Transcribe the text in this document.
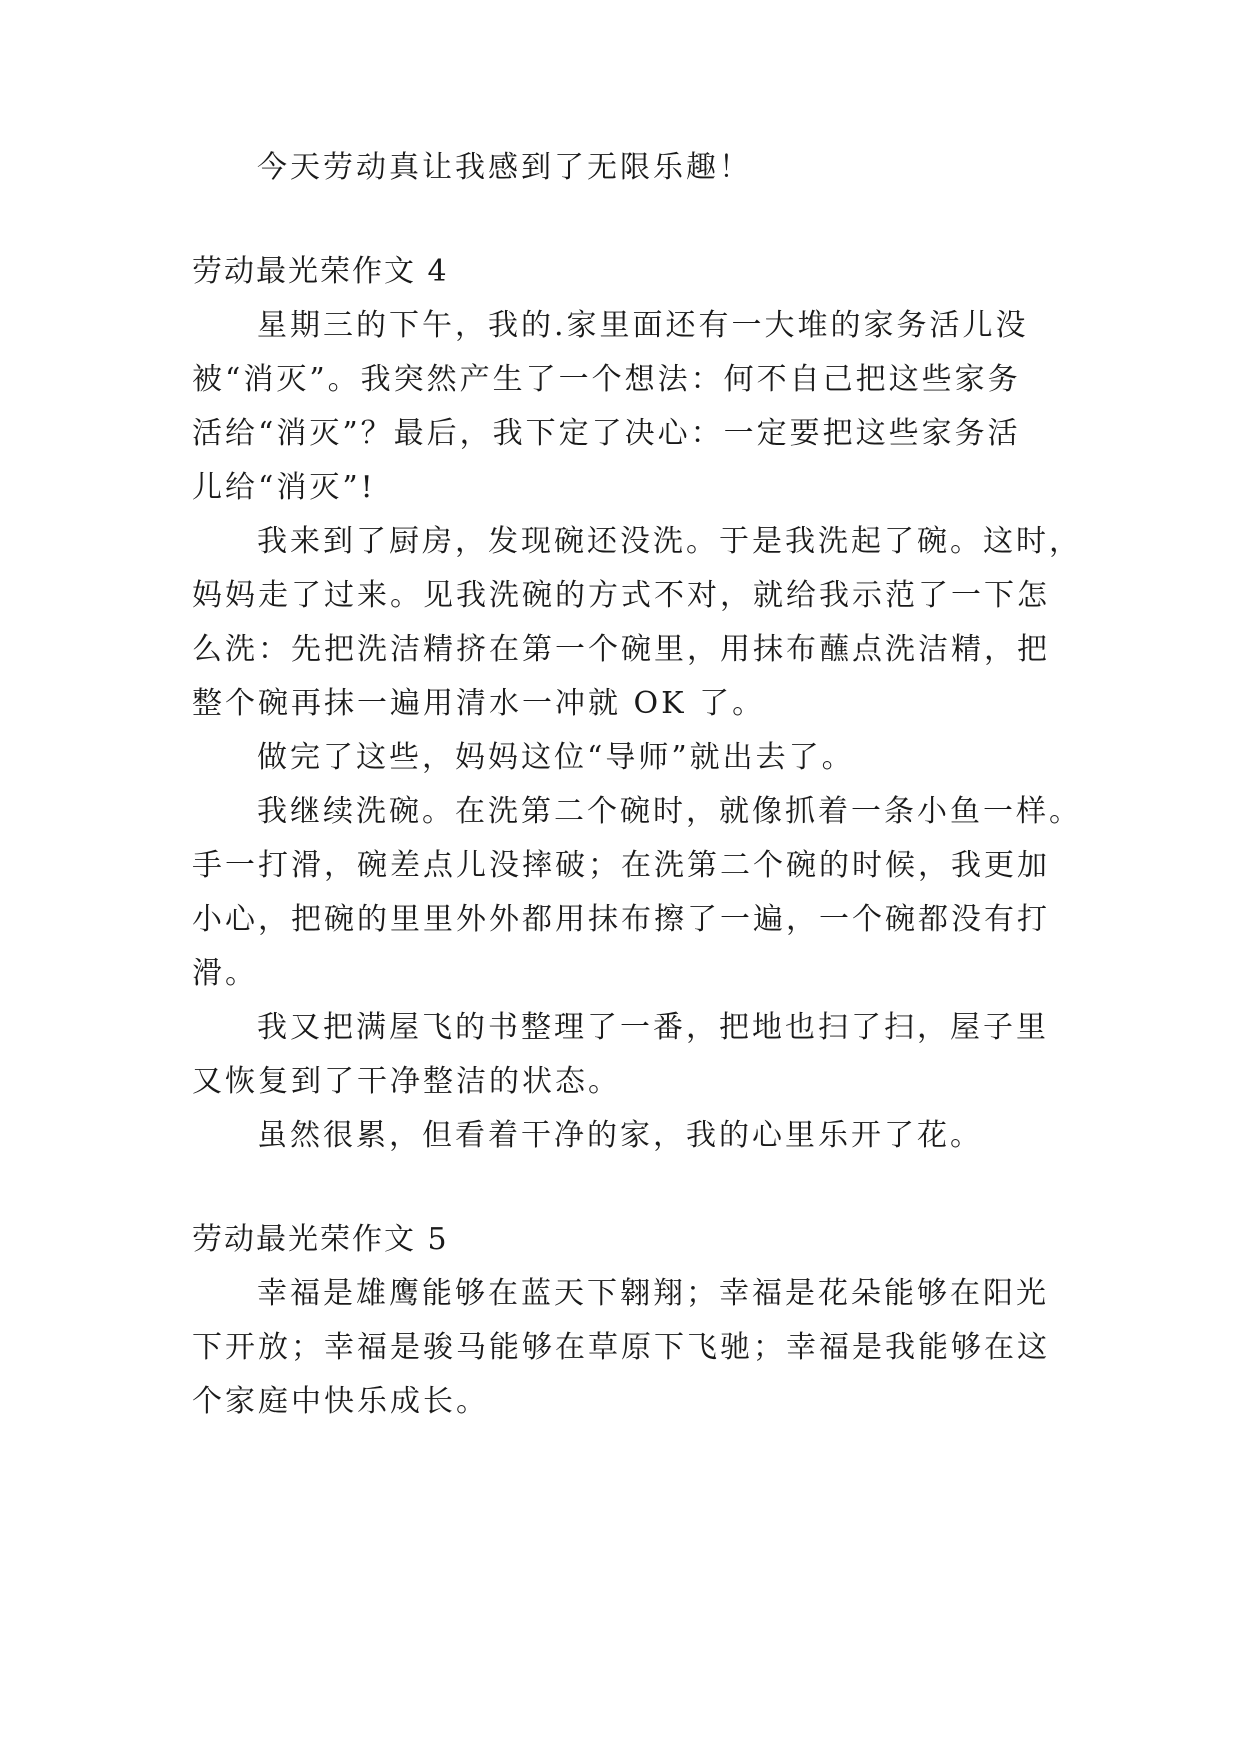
今天劳动真让我感到了无限乐趣！
劳动最光荣作文 4
星期三的下午，我的.家里面还有一大堆的家务活儿没
被“消灭”。我突然产生了一个想法：何不自己把这些家务
活给“消灭”？最后，我下定了决心：一定要把这些家务活
儿给“消灭”!
我来到了厨房，发现碗还没洗。于是我洗起了碗。这时，
妈妈走了过来。见我洗碗的方式不对，就给我示范了一下怎
么洗：先把洗洁精挤在第一个碗里，用抹布蘸点洗洁精，把
整个碗再抹一遍用清水一冲就 OK 了。
做完了这些，妈妈这位“导师”就出去了。
我继续洗碗。在洗第二个碗时，就像抓着一条小鱼一样。
手一打滑，碗差点儿没摔破；在洗第二个碗的时候，我更加
小心，把碗的里里外外都用抹布擦了一遍，一个碗都没有打
滑。
我又把满屋飞的书整理了一番，把地也扫了扫，屋子里
又恢复到了干净整洁的状态。
虽然很累，但看着干净的家，我的心里乐开了花。
劳动最光荣作文 5
幸福是雄鹰能够在蓝天下翱翔；幸福是花朵能够在阳光
下开放；幸福是骏马能够在草原下飞驰；幸福是我能够在这
个家庭中快乐成长。
